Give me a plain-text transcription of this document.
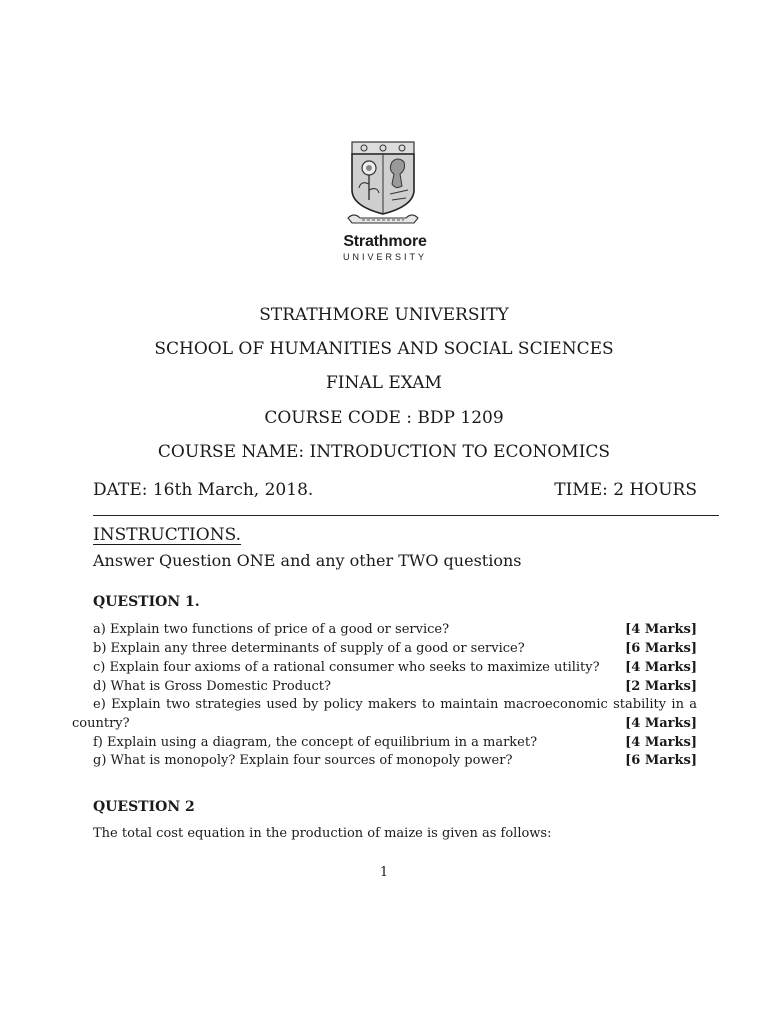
Strathmore
UNIVERSITY
STRATHMORE UNIVERSITY
SCHOOL OF HUMANITIES AND SOCIAL SCIENCES
FINAL EXAM
COURSE CODE : BDP 1209
COURSE NAME: INTRODUCTION TO ECONOMICS
DATE: 16th March, 2018.	TIME: 2 HOURS
INSTRUCTIONS.
Answer Question ONE and any other TWO questions
QUESTION 1.
a) Explain two functions of price of a good or service?	[4 Marks]
b) Explain any three determinants of supply of a good or service?	[6 Marks]
c) Explain four axioms of a rational consumer who seeks to maximize utility? [4 Marks]
d) What is Gross Domestic Product?	[2 Marks]
e) Explain two strategies used by policy makers to maintain macroeconomic stability in a
country?	[4 Marks]
f) Explain using a diagram, the concept of equilibrium in a market?	[4 Marks]
g) What is monopoly? Explain four sources of monopoly power?	[6 Marks]
QUESTION 2
The total cost equation in the production of maize is given as follows:
1
